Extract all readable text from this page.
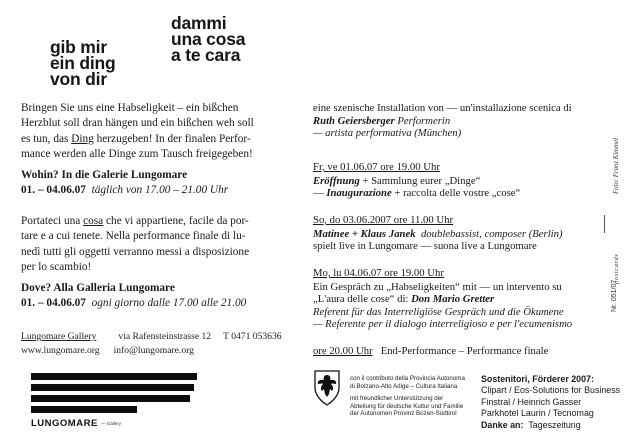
gib mir
ein ding
von dir
dammi
una cosa
a te cara
Bringen Sie uns eine Habseligkeit – ein bißchen
Herzblut soll dran hängen und ein bißchen weh soll
es tun, das Ding herzugeben! In der finalen Perfor-
mance werden alle Dinge zum Tausch freigegeben!
Wohin? In die Galerie Lungomare
01. – 04.06.07 täglich von 17.00 – 21.00 Uhr
Portateci una cosa che vi appartiene, facile da por-
tare e a cui tenete. Nella performance finale di lu-
nedì tutti gli oggetti verranno messi a disposizione
per lo scambio!
Dove? Alla Galleria Lungomare
01. – 04.06.07 ogni giorno dalle 17.00 alle 21.00
Lungomare Gallery via Rafensteinstrasse 12 T 0471 053636
www.lungomare.org info@lungomare.org
eine szenische Installation von — un'installazione scenica di
Ruth Geiersberger Performerin
— artista performativa (München)
Fr, ve 01.06.07 ore 19.00 Uhr
Eröffnung + Sammlung eurer „Dinge“
— Inaugurazione + raccolta delle vostre „cose“
So, do 03.06.2007 ore 11.00 Uhr
Matinee + Klaus Janek doublebassist, composer (Berlin)
spielt live in Lungomare — suona live a Lungomare
Mo, lu 04.06.07 ore 19.00 Uhr
Ein Gespräch zu „Habseligkeiten“ mit — un intervento su
„L'aura delle cose“ di: Don Mario Gretter
Referent für das Interreligiöse Gespräch und die Ökumene
— Referente per il dialogo interreligioso e per l'ecumenismo
ore 20.00 Uhr End-Performance – Performance finale
Foto: Franz Kimmel
postcards
Nr. 051/07
LUNGOMARE — Gallery
con il contributo della Provincia Autonoma
di Bolzano-Alto Adige – Cultura Italiana
mit freundlicher Unterstützung der
Abteilung für deutsche Kultur und Familie
der Autonomen Provinz Bozen-Südtirol
Sostenitori, Förderer 2007:
Clipart / Eos-Solutions for Business
Finstral / Heinrich Gasser
Parkhotel Laurin / Tecnomag
Danke an: Tageszeitung
